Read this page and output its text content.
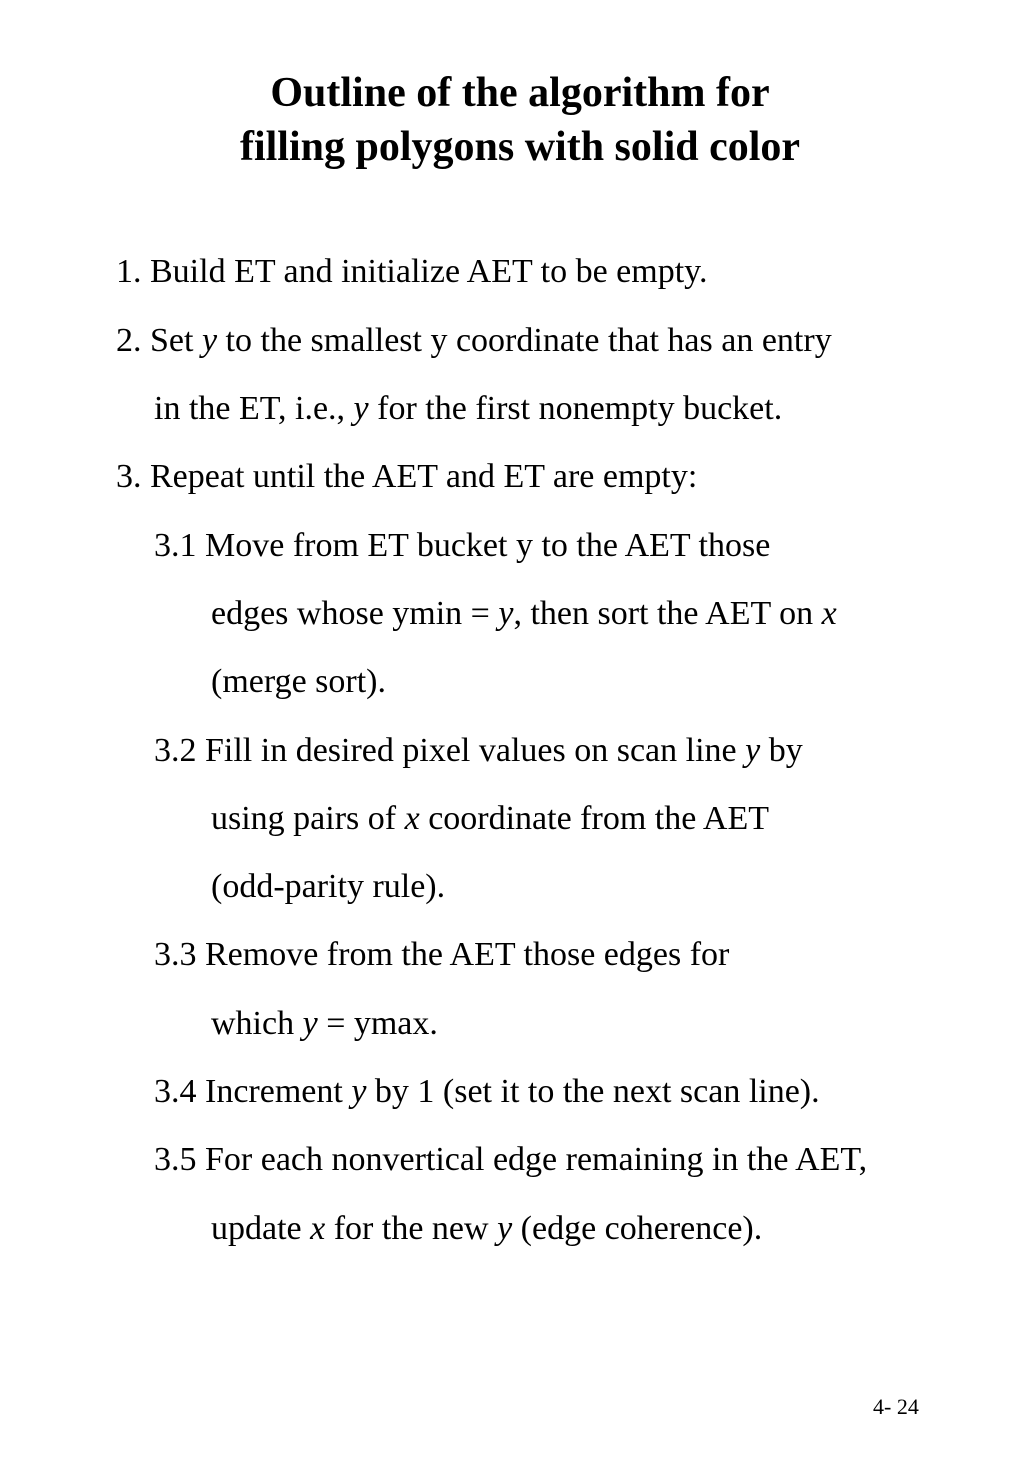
Outline of the algorithm for
filling polygons with solid color
1. Build ET and initialize AET to be empty.
2. Set y to the smallest y coordinate that has an entry
in the ET, i.e., y for the first nonempty bucket.
3. Repeat until the AET and ET are empty:
3.1 Move from ET bucket y to the AET those
edges whose ymin = y, then sort the AET on x
(merge sort).
3.2 Fill in desired pixel values on scan line y by
using pairs of x coordinate from the AET
(odd-parity rule).
3.3 Remove from the AET those edges for
which y = ymax.
3.4 Increment y by 1 (set it to the next scan line).
3.5 For each nonvertical edge remaining in the AET,
update x for the new y (edge coherence).
4- 24
